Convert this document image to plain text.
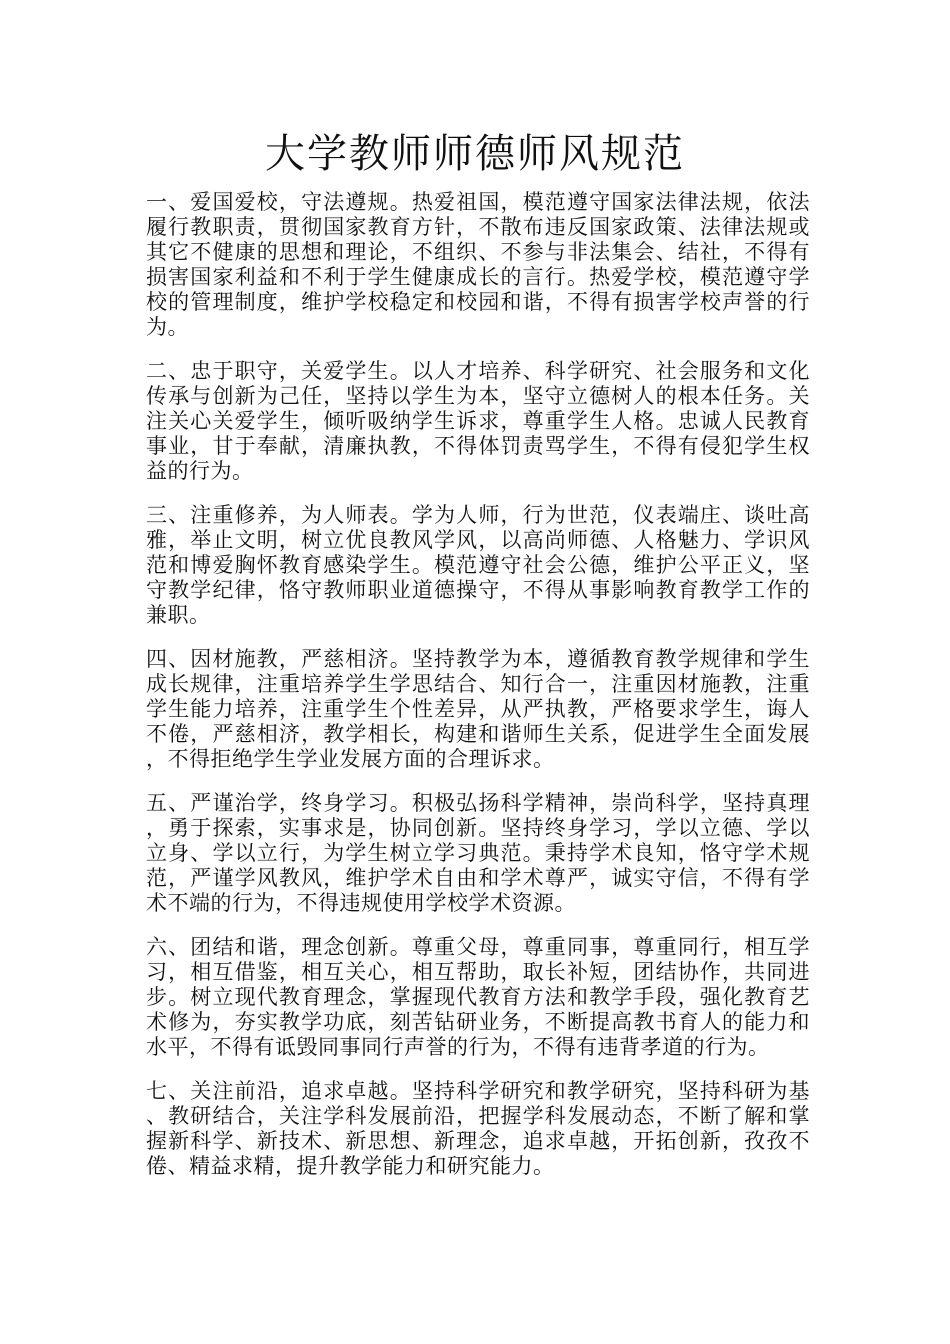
大学教师师德师风规范

一、爱国爱校，守法遵规。热爱祖国，模范遵守国家法律法规，依法履行教职责，贯彻国家教育方针，不散布违反国家政策、法律法规或其它不健康的思想和理论，不组织、不参与非法集会、结社，不得有损害国家利益和不利于学生健康成长的言行。热爱学校，模范遵守学校的管理制度，维护学校稳定和校园和谐，不得有损害学校声誉的行为。

二、忠于职守，关爱学生。以人才培养、科学研究、社会服务和文化传承与创新为己任，坚持以学生为本，坚守立德树人的根本任务。关注关心关爱学生，倾听吸纳学生诉求，尊重学生人格。忠诚人民教育事业，甘于奉献，清廉执教，不得体罚责骂学生，不得有侵犯学生权益的行为。

三、注重修养，为人师表。学为人师，行为世范，仪表端庄、谈吐高雅，举止文明，树立优良教风学风，以高尚师德、人格魅力、学识风范和博爱胸怀教育感染学生。模范遵守社会公德，维护公平正义，坚守教学纪律，恪守教师职业道德操守，不得从事影响教育教学工作的兼职。

四、因材施教，严慈相济。坚持教学为本，遵循教育教学规律和学生成长规律，注重培养学生学思结合、知行合一，注重因材施教，注重学生能力培养，注重学生个性差异，从严执教，严格要求学生，诲人不倦，严慈相济，教学相长，构建和谐师生关系，促进学生全面发展，不得拒绝学生学业发展方面的合理诉求。

五、严谨治学，终身学习。积极弘扬科学精神，崇尚科学，坚持真理，勇于探索，实事求是，协同创新。坚持终身学习，学以立德、学以立身、学以立行，为学生树立学习典范。秉持学术良知，恪守学术规范，严谨学风教风，维护学术自由和学术尊严，诚实守信，不得有学术不端的行为，不得违规使用学校学术资源。

六、团结和谐，理念创新。尊重父母，尊重同事，尊重同行，相互学习，相互借鉴，相互关心，相互帮助，取长补短，团结协作，共同进步。树立现代教育理念，掌握现代教育方法和教学手段，强化教育艺术修为，夯实教学功底，刻苦钻研业务，不断提高教书育人的能力和水平，不得有诋毁同事同行声誉的行为，不得有违背孝道的行为。

七、关注前沿，追求卓越。坚持科学研究和教学研究，坚持科研为基、教研结合，关注学科发展前沿，把握学科发展动态，不断了解和掌握新科学、新技术、新思想、新理念，追求卓越，开拓创新，孜孜不倦、精益求精，提升教学能力和研究能力。
